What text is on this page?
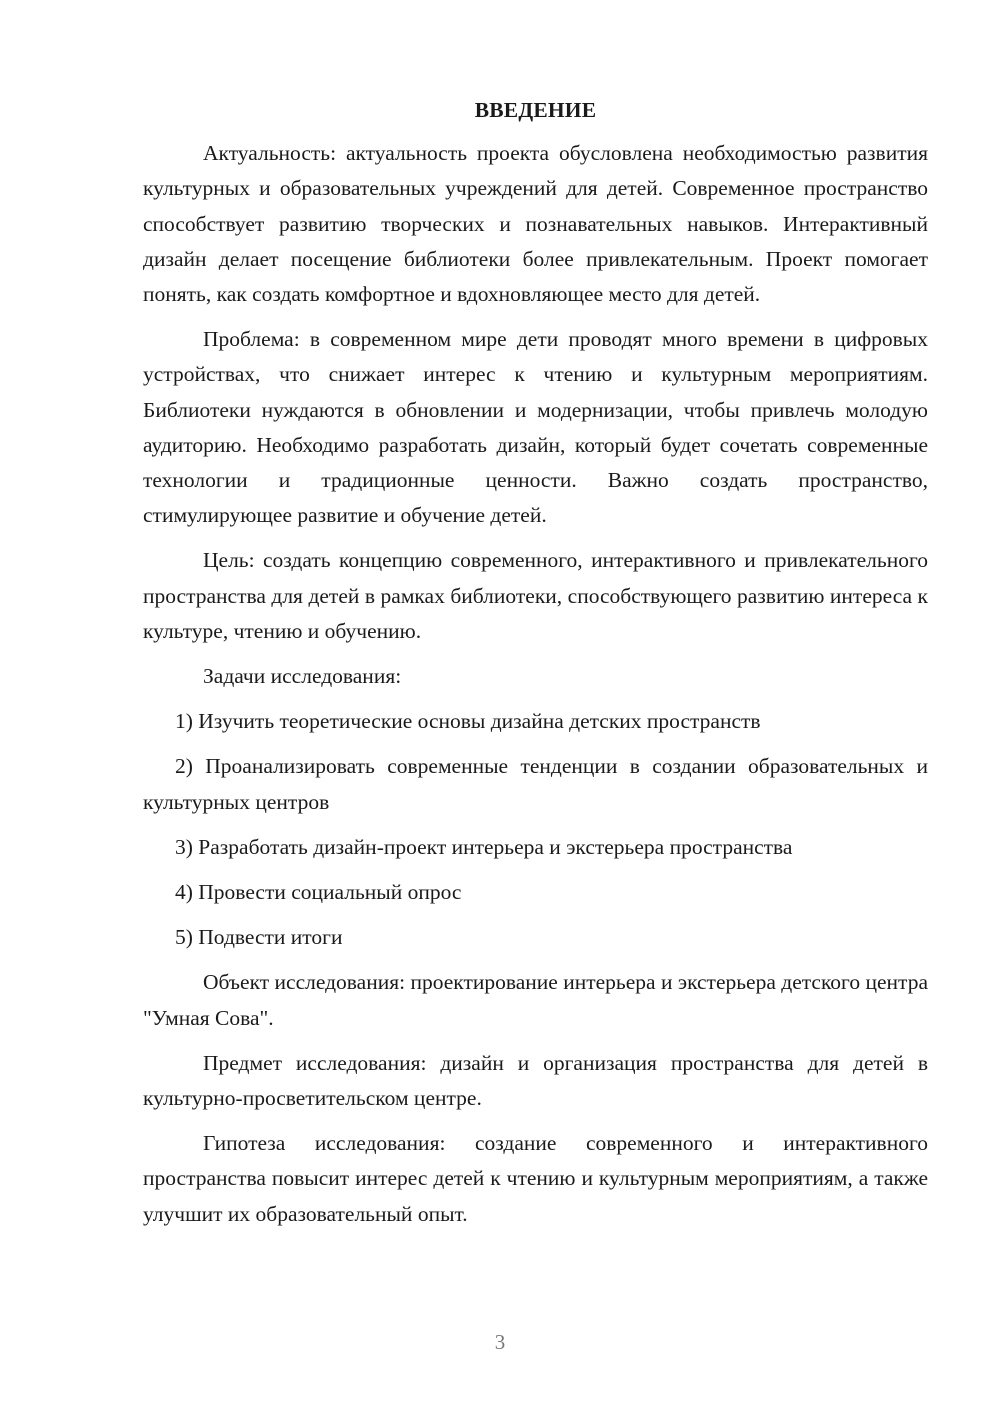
ВВЕДЕНИЕ

Актуальность: актуальность проекта обусловлена необходимостью развития культурных и образовательных учреждений для детей. Современное пространство способствует развитию творческих и познавательных навыков. Интерактивный дизайн делает посещение библиотеки более привлекательным. Проект помогает понять, как создать комфортное и вдохновляющее место для детей.

Проблема: в современном мире дети проводят много времени в цифровых устройствах, что снижает интерес к чтению и культурным мероприятиям. Библиотеки нуждаются в обновлении и модернизации, чтобы привлечь молодую аудиторию. Необходимо разработать дизайн, который будет сочетать современные технологии и традиционные ценности. Важно создать пространство, стимулирующее развитие и обучение детей.

Цель: создать концепцию современного, интерактивного и привлекательного пространства для детей в рамках библиотеки, способствующего развитию интереса к культуре, чтению и обучению.

Задачи исследования:

1) Изучить теоретические основы дизайна детских пространств

2) Проанализировать современные тенденции в создании образовательных и культурных центров

3) Разработать дизайн-проект интерьера и экстерьера пространства

4) Провести социальный опрос

5) Подвести итоги

Объект исследования: проектирование интерьера и экстерьера детского центра "Умная Сова".

Предмет исследования: дизайн и организация пространства для детей в культурно-просветительском центре.

Гипотеза исследования: создание современного и интерактивного пространства повысит интерес детей к чтению и культурным мероприятиям, а также улучшит их образовательный опыт.

3
